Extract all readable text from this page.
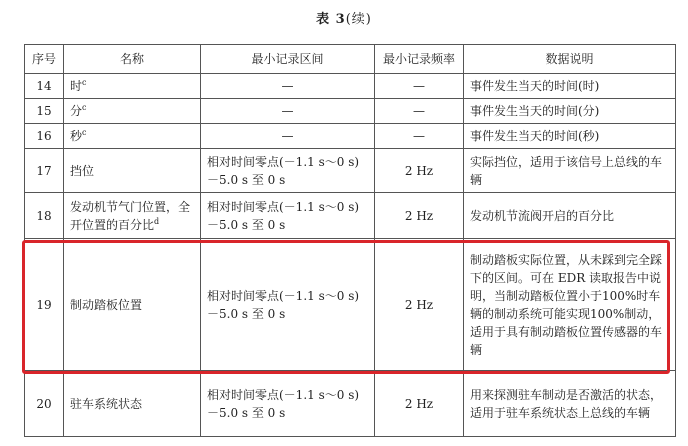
表 3(续)
序号	名称	最小记录区间	最小记录频率	数据说明
14	时$^c$	—	—	事件发生当天的时间(时)
15	分$^c$	—	—	事件发生当天的时间(分)
16	秒$^c$	—	—	事件发生当天的时间(秒)
17	挡位	相对时间零点(－1.1 s～0 s)－5.0 s 至 0 s	2 Hz	实际挡位，适用于该信号上总线的车辆
18	发动机节气门位置，全开位置的百分比$^d$	相对时间零点(－1.1 s～0 s)－5.0 s 至 0 s	2 Hz	发动机节流阀开启的百分比
19	制动踏板位置	相对时间零点(－1.1 s～0 s)－5.0 s 至 0 s	2 Hz	制动踏板实际位置，从未踩到完全踩下的区间。可在 EDR 读取报告中说明，当制动踏板位置小于100%时车辆的制动系统可能实现100%制动，适用于具有制动踏板位置传感器的车辆
20	驻车系统状态	相对时间零点(－1.1 s～0 s)－5.0 s 至 0 s	2 Hz	用来探测驻车制动是否激活的状态，适用于驻车系统状态上总线的车辆
